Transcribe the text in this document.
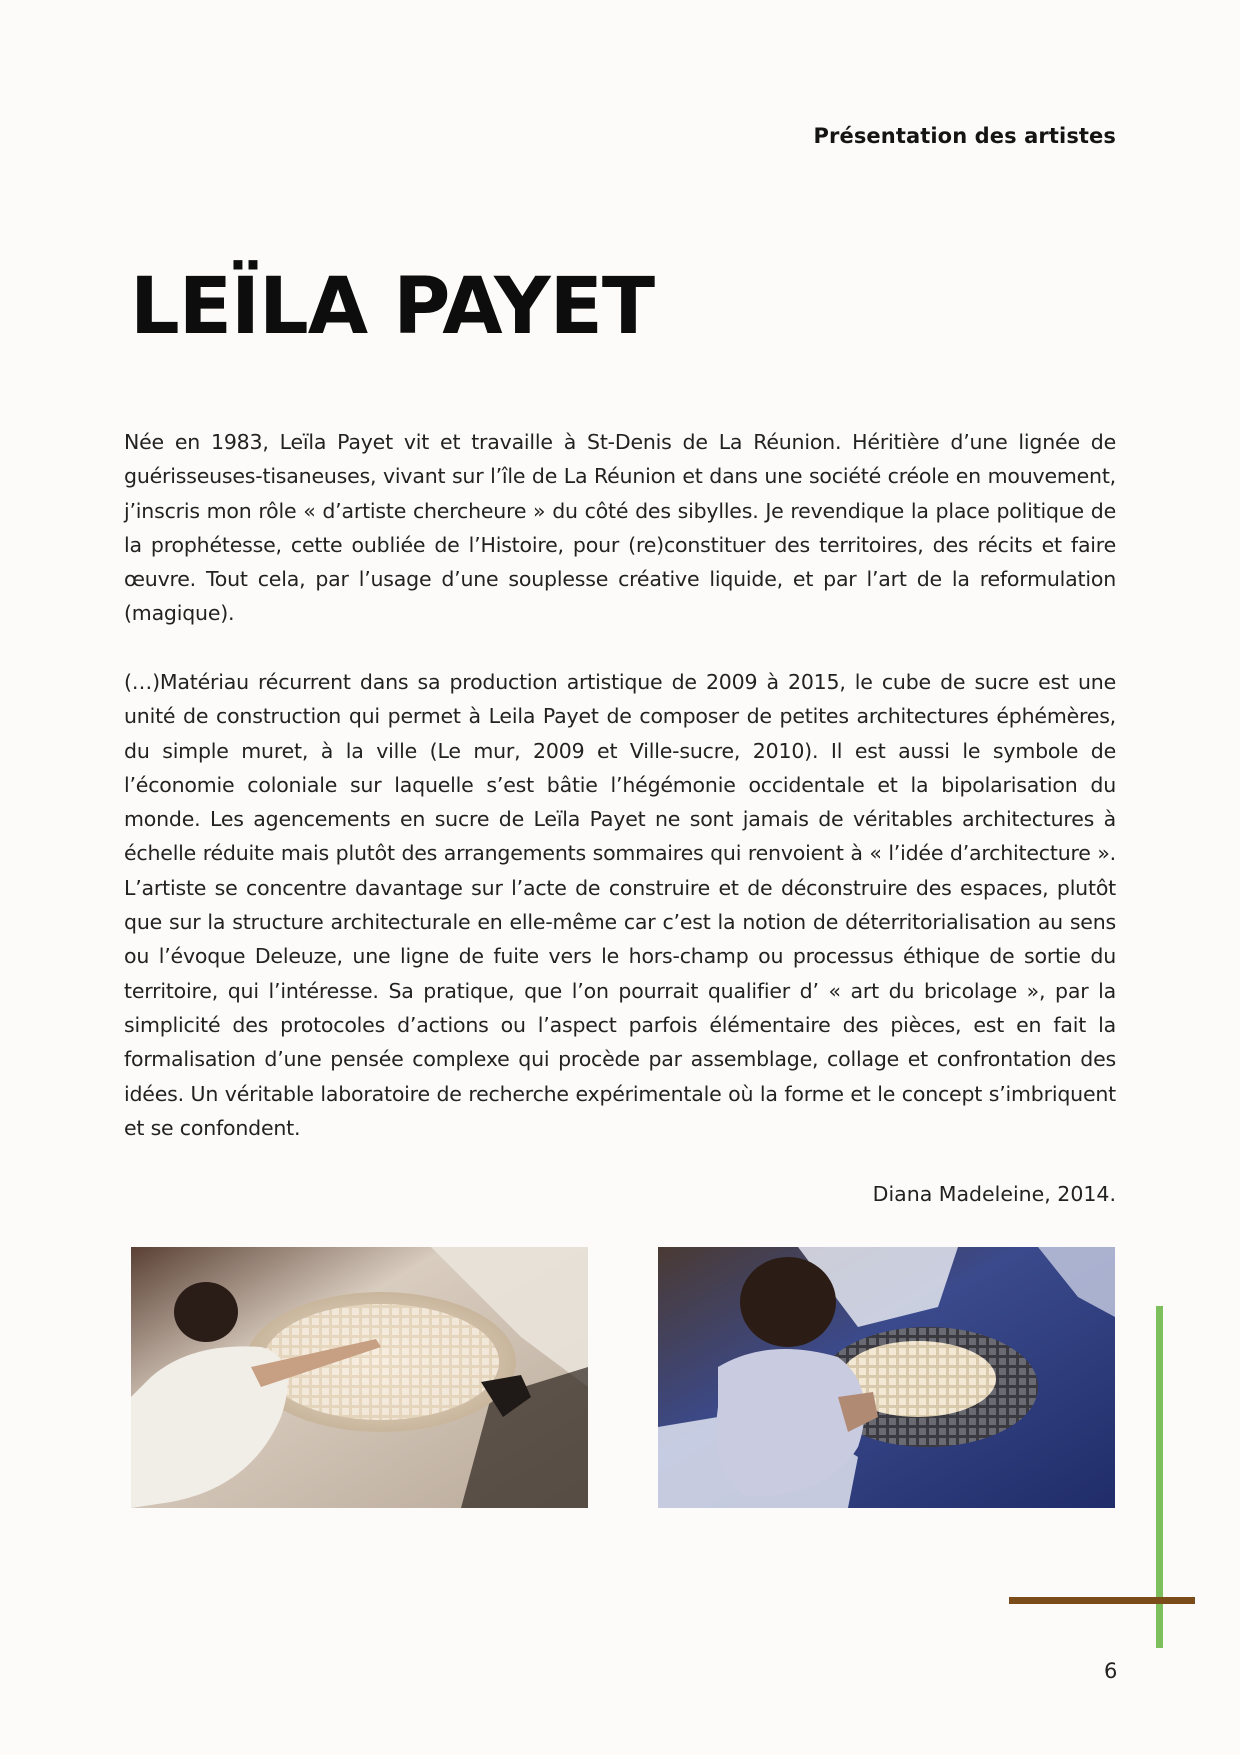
Présentation des artistes
LEÏLA PAYET

Née en 1983, Leïla Payet vit et travaille à St-Denis de La Réunion. Héritière d’une lignée de guérisseuses-tisaneuses, vivant sur l’île de La Réunion et dans une société créole en mouvement, j’inscris mon rôle « d’artiste chercheure » du côté des sibylles. Je revendique la place politique de la prophétesse, cette oubliée de l’Histoire, pour (re)constituer des territoires, des récits et faire œuvre. Tout cela, par l’usage d’une souplesse créative liquide, et par l’art de la reformulation (magique).

(…)Matériau récurrent dans sa production artistique de 2009 à 2015, le cube de sucre est une unité de construction qui permet à Leila Payet de composer de petites architectures éphémères, du simple muret, à la ville (Le mur, 2009 et Ville-sucre, 2010). Il est aussi le symbole de l’économie coloniale sur laquelle s’est bâtie l’hégémonie occidentale et la bipolarisation du monde. Les agencements en sucre de Leïla Payet ne sont jamais de véritables architectures à échelle réduite mais plutôt des arrangements sommaires qui renvoient à « l’idée d’architecture ». L’artiste se concentre davantage sur l’acte de construire et de déconstruire des espaces, plutôt que sur la structure architecturale en elle-même car c’est la notion de déterritorialisation au sens ou l’évoque Deleuze, une ligne de fuite vers le hors-champ ou processus éthique de sortie du territoire, qui l’intéresse. Sa pratique, que l’on pourrait qualifier d’ « art du bricolage », par la simplicité des protocoles d’actions ou l’aspect parfois élémentaire des pièces, est en fait la formalisation d’une pensée complexe qui procède par assemblage, collage et confrontation des idées. Un véritable laboratoire de recherche expérimentale où la forme et le concept s’imbriquent et se confondent.

Diana Madeleine, 2014.
6
